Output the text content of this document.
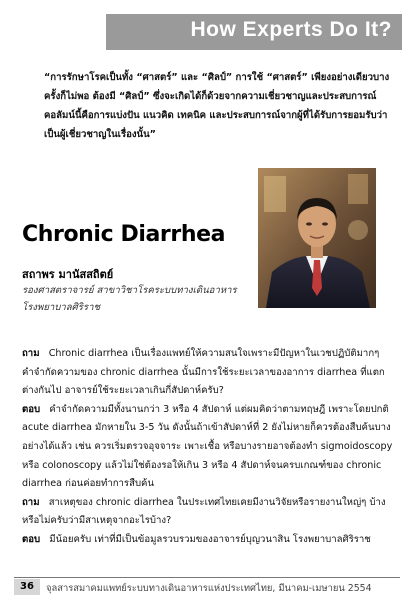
How Experts Do It?
“การรักษาโรคเป็นทั้ง “ศาสตร์” และ “ศิลป์” การใช้ “ศาสตร์” เพียงอย่างเดียวบางครั้งก็ไม่พอ ต้องมี “ศิลป์” ซึ่งจะเกิดได้ก็ด้วยจากความเชี่ยวชาญและประสบการณ์ คอลัมน์นี้คือการแบ่งปัน แนวคิด เทคนิค และประสบการณ์จากผู้ที่ได้รับการยอมรับว่าเป็นผู้เชี่ยวชาญในเรื่องนั้น”
Chronic Diarrhea
สถาพร มานัสสถิตย์
รองศาสตราจารย์ สาขาวิชาโรคระบบทางเดินอาหาร
โรงพยาบาลศิริราช
ถาม Chronic diarrhea เป็นเรื่องแพทย์ให้ความสนใจเพราะมีปัญหาในเวชปฏิบัติมากๆ คำจำกัดความของ chronic diarrhea นั้นมีการใช้ระยะเวลาของอาการ diarrhea ที่แตกต่างกันไป อาจารย์ใช้ระยะเวลาเกินกี่สัปดาห์ครับ?
ตอบ คำจำกัดความมีทั้งนานกว่า 3 หรือ 4 สัปดาห์ แต่ผมคิดว่าตามทฤษฎี เพราะโดยปกติ acute diarrhea มักหายใน 3-5 วัน ดังนั้นถ้าเข้าสัปดาห์ที่ 2 ยังไม่หายก็ควรต้องสืบค้นบางอย่างได้แล้ว เช่น ควรเริ่มตรวจอุจจาระ เพาะเชื้อ หรือบางรายอาจต้องทำ sigmoidoscopy หรือ colonoscopy แล้วไม่ใช่ต้องรอให้เกิน 3 หรือ 4 สัปดาห์จนครบเกณฑ์ของ chronic diarrhea ก่อนค่อยทำการสืบค้น
ถาม สาเหตุของ chronic diarrhea ในประเทศไทยเคยมีงานวิจัยหรือรายงานใหญ่ๆ บ้างหรือไม่ครับว่ามีสาเหตุจากอะไรบ้าง?
ตอบ มีน้อยครับ เท่าที่มีเป็นข้อมูลรวบรวมของอาจารย์บุญวนาสิน โรงพยาบาลศิริราช
36	จุลสารสมาคมแพทย์ระบบทางเดินอาหารแห่งประเทศไทย, มีนาคม-เมษายน 2554
